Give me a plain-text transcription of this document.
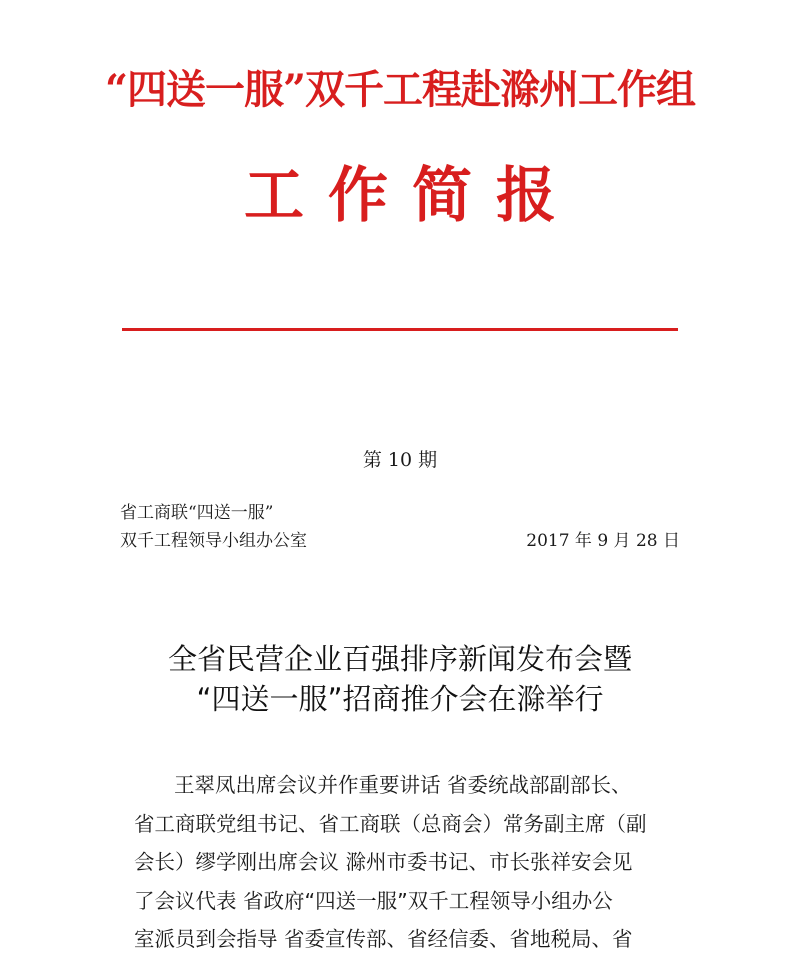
“四送一服”双千工程赴滁州工作组
工作简报
第 10 期
省工商联“四送一服”
双千工程领导小组办公室	2017 年 9 月 28 日
全省民营企业百强排序新闻发布会暨
“四送一服”招商推介会在滁举行
王翠凤出席会议并作重要讲话 省委统战部副部长、
省工商联党组书记、省工商联（总商会）常务副主席（副
会长）缪学刚出席会议 滁州市委书记、市长张祥安会见
了会议代表 省政府“四送一服”双千工程领导小组办公
室派员到会指导 省委宣传部、省经信委、省地税局、省
